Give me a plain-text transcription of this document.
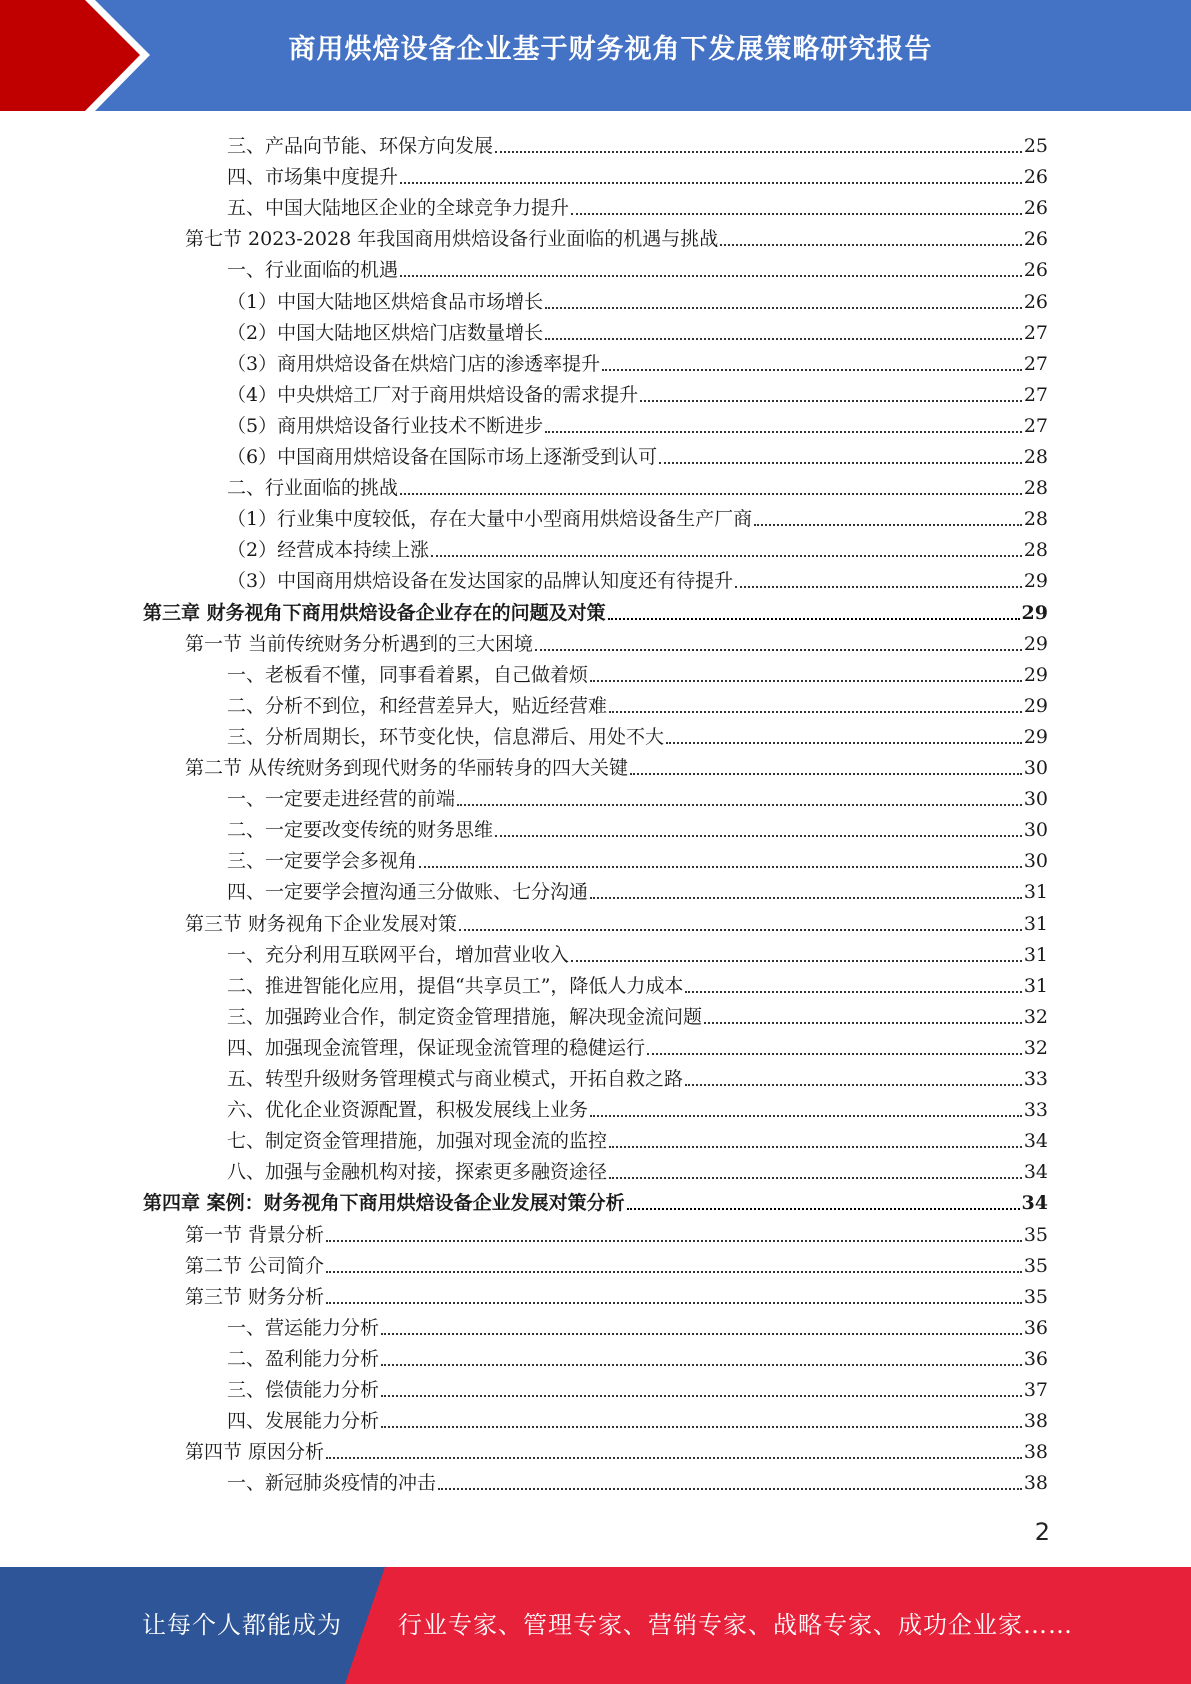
商用烘焙设备企业基于财务视角下发展策略研究报告
三、产品向节能、环保方向发展	25
四、市场集中度提升	26
五、中国大陆地区企业的全球竞争力提升	26
第七节 2023-2028 年我国商用烘焙设备行业面临的机遇与挑战	26
一、行业面临的机遇	26
（1）中国大陆地区烘焙食品市场增长	26
（2）中国大陆地区烘焙门店数量增长	27
（3）商用烘焙设备在烘焙门店的渗透率提升	27
（4）中央烘焙工厂对于商用烘焙设备的需求提升	27
（5）商用烘焙设备行业技术不断进步	27
（6）中国商用烘焙设备在国际市场上逐渐受到认可	28
二、行业面临的挑战	28
（1）行业集中度较低，存在大量中小型商用烘焙设备生产厂商	28
（2）经营成本持续上涨	28
（3）中国商用烘焙设备在发达国家的品牌认知度还有待提升	29
第三章 财务视角下商用烘焙设备企业存在的问题及对策	29
第一节 当前传统财务分析遇到的三大困境	29
一、老板看不懂，同事看着累，自己做着烦	29
二、分析不到位，和经营差异大，贴近经营难	29
三、分析周期长，环节变化快，信息滞后、用处不大	29
第二节 从传统财务到现代财务的华丽转身的四大关键	30
一、一定要走进经营的前端	30
二、一定要改变传统的财务思维	30
三、一定要学会多视角	30
四、一定要学会擅沟通三分做账、七分沟通	31
第三节 财务视角下企业发展对策	31
一、充分利用互联网平台，增加营业收入	31
二、推进智能化应用，提倡“共享员工”，降低人力成本	31
三、加强跨业合作，制定资金管理措施，解决现金流问题	32
四、加强现金流管理，保证现金流管理的稳健运行	32
五、转型升级财务管理模式与商业模式，开拓自救之路	33
六、优化企业资源配置，积极发展线上业务	33
七、制定资金管理措施，加强对现金流的监控	34
八、加强与金融机构对接，探索更多融资途径	34
第四章 案例：财务视角下商用烘焙设备企业发展对策分析	34
第一节 背景分析	35
第二节 公司简介	35
第三节 财务分析	35
一、营运能力分析	36
二、盈利能力分析	36
三、偿债能力分析	37
四、发展能力分析	38
第四节 原因分析	38
一、新冠肺炎疫情的冲击	38
2
让每个人都能成为 行业专家、管理专家、营销专家、战略专家、成功企业家……
